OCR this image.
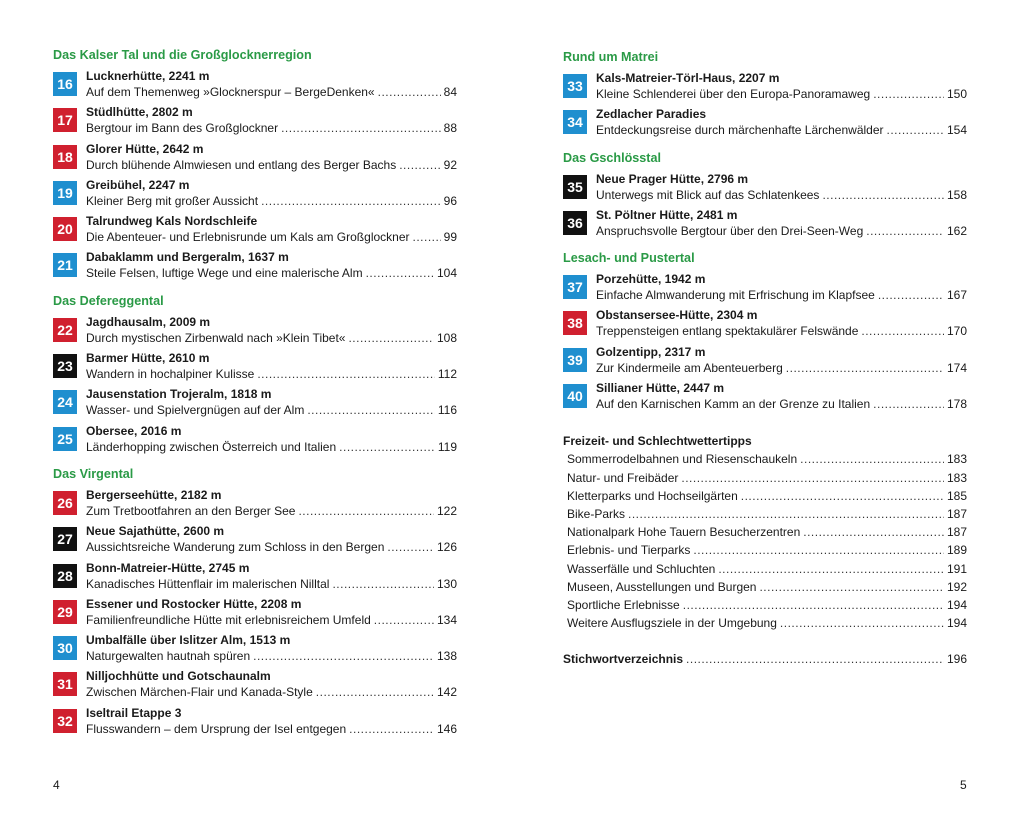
Das Kalser Tal und die Großglocknerregion
16	Lucknerhütte, 2241 m
Auf dem Themenweg »Glocknerspur – BergeDenken« .....	84
17	Stüdlhütte, 2802 m
Bergtour im Bann des Großglockner .....	88
18	Glorer Hütte, 2642 m
Durch blühende Almwiesen und entlang des Berger Bachs .....	92
19	Greibühel, 2247 m
Kleiner Berg mit großer Aussicht .....	96
20	Talrundweg Kals Nordschleife
Die Abenteuer- und Erlebnisrunde um Kals am Großglockner .....	99
21	Dabaklamm und Bergeralm, 1637 m
Steile Felsen, luftige Wege und eine malerische Alm .....	104
Das Defereggental
22	Jagdhausalm, 2009 m
Durch mystischen Zirbenwald nach »Klein Tibet« .....	108
23	Barmer Hütte, 2610 m
Wandern in hochalpiner Kulisse .....	112
24	Jausenstation Trojeralm, 1818 m
Wasser- und Spielvergnügen auf der Alm .....	116
25	Obersee, 2016 m
Länderhopping zwischen Österreich und Italien .....	119
Das Virgental
26	Bergerseehütte, 2182 m
Zum Tretbootfahren an den Berger See .....	122
27	Neue Sajathütte, 2600 m
Aussichtsreiche Wanderung zum Schloss in den Bergen .....	126
28	Bonn-Matreier-Hütte, 2745 m
Kanadisches Hüttenflair im malerischen Nilltal .....	130
29	Essener und Rostocker Hütte, 2208 m
Familienfreundliche Hütte mit erlebnisreichem Umfeld .....	134
30	Umbalfälle über Islitzer Alm, 1513 m
Naturgewalten hautnah spüren .....	138
31	Nilljochhütte und Gotschaunalm
Zwischen Märchen-Flair und Kanada-Style .....	142
32	Iseltrail Etappe 3
Flusswandern – dem Ursprung der Isel entgegen .....	146
Rund um Matrei
33	Kals-Matreier-Törl-Haus, 2207 m
Kleine Schlenderei über den Europa-Panoramaweg .....	150
34	Zedlacher Paradies
Entdeckungsreise durch märchenhafte Lärchenwälder .....	154
Das Gschlösstal
35	Neue Prager Hütte, 2796 m
Unterwegs mit Blick auf das Schlatenkees .....	158
36	St. Pöltner Hütte, 2481 m
Anspruchsvolle Bergtour über den Drei-Seen-Weg .....	162
Lesach- und Pustertal
37	Porzehütte, 1942 m
Einfache Almwanderung mit Erfrischung im Klapfsee .....	167
38	Obstansersee-Hütte, 2304 m
Treppensteigen entlang spektakulärer Felswände .....	170
39	Golzentipp, 2317 m
Zur Kindermeile am Abenteuerberg .....	174
40	Sillianer Hütte, 2447 m
Auf den Karnischen Kamm an der Grenze zu Italien .....	178
Freizeit- und Schlechtwettertipps
Sommerrodelbahnen und Riesenschaukeln .....	183
Natur- und Freibäder .....	183
Kletterparks und Hochseilgärten .....	185
Bike-Parks .....	187
Nationalpark Hohe Tauern Besucherzentren .....	187
Erlebnis- und Tierparks .....	189
Wasserfälle und Schluchten .....	191
Museen, Ausstellungen und Burgen .....	192
Sportliche Erlebnisse .....	194
Weitere Ausflugsziele in der Umgebung .....	194
Stichwortverzeichnis .....	196
4	5
